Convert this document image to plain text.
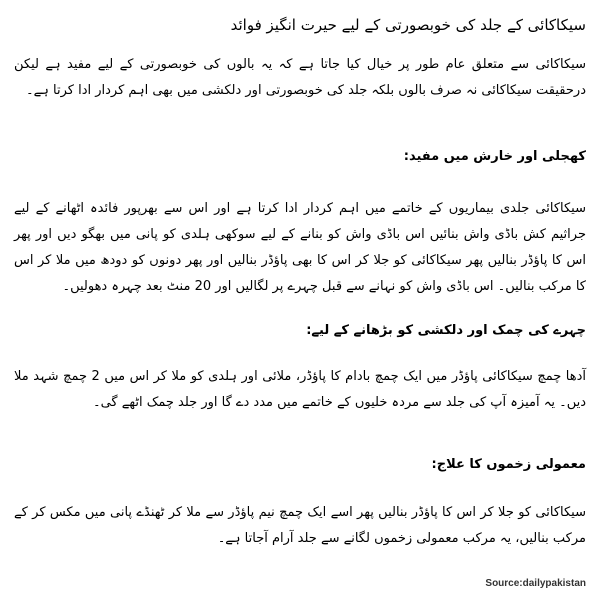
سیکاکائی کے جلد کی خوبصورتی کے لیے حیرت انگیز فوائد

سیکاکائی سے متعلق عام طور پر خیال کیا جاتا ہے کہ یہ بالوں کی خوبصورتی کے لیے مفید ہے لیکن درحقیقت سیکاکائی نہ صرف بالوں بلکہ جلد کی خوبصورتی اور دلکشی میں بھی اہم کردار ادا کرتا ہے۔

کھجلی اور خارش میں مفید:

سیکاکائی جلدی بیماریوں کے خاتمے میں اہم کردار ادا کرتا ہے اور اس سے بھرپور فائدہ اٹھانے کے لیے جراثیم کش باڈی واش بنائیں اس باڈی واش کو بنانے کے لیے سوکھی ہلدی کو پانی میں بھگو دیں اور پھر اس کا پاؤڈر بنالیں پھر سیکاکائی کو جلا کر اس کا بھی پاؤڈر بنالیں اور پھر دونوں کو دودھ میں ملا کر اس کا مرکب بنالیں۔ اس باڈی واش کو نہانے سے قبل چہرے پر لگالیں اور 20 منٹ بعد چہرہ دھولیں۔

چہرے کی چمک اور دلکشی کو بڑھانے کے لیے:

آدھا چمچ سیکاکائی پاؤڈر میں ایک چمچ بادام کا پاؤڈر، ملائی اور ہلدی کو ملا کر اس میں 2 چمچ شہد ملا دیں۔ یہ آمیزہ آپ کی جلد سے مردہ خلیوں کے خاتمے میں مدد دے گا اور جلد چمک اٹھے گی۔

معمولی زخموں کا علاج:

سیکاکائی کو جلا کر اس کا پاؤڈر بنالیں پھر اسے ایک چمچ نیم پاؤڈر سے ملا کر ٹھنڈے پانی میں مکس کر کے مرکب بنالیں، یہ مرکب معمولی زخموں لگانے سے جلد آرام آجاتا ہے۔

Source:dailypakistan
